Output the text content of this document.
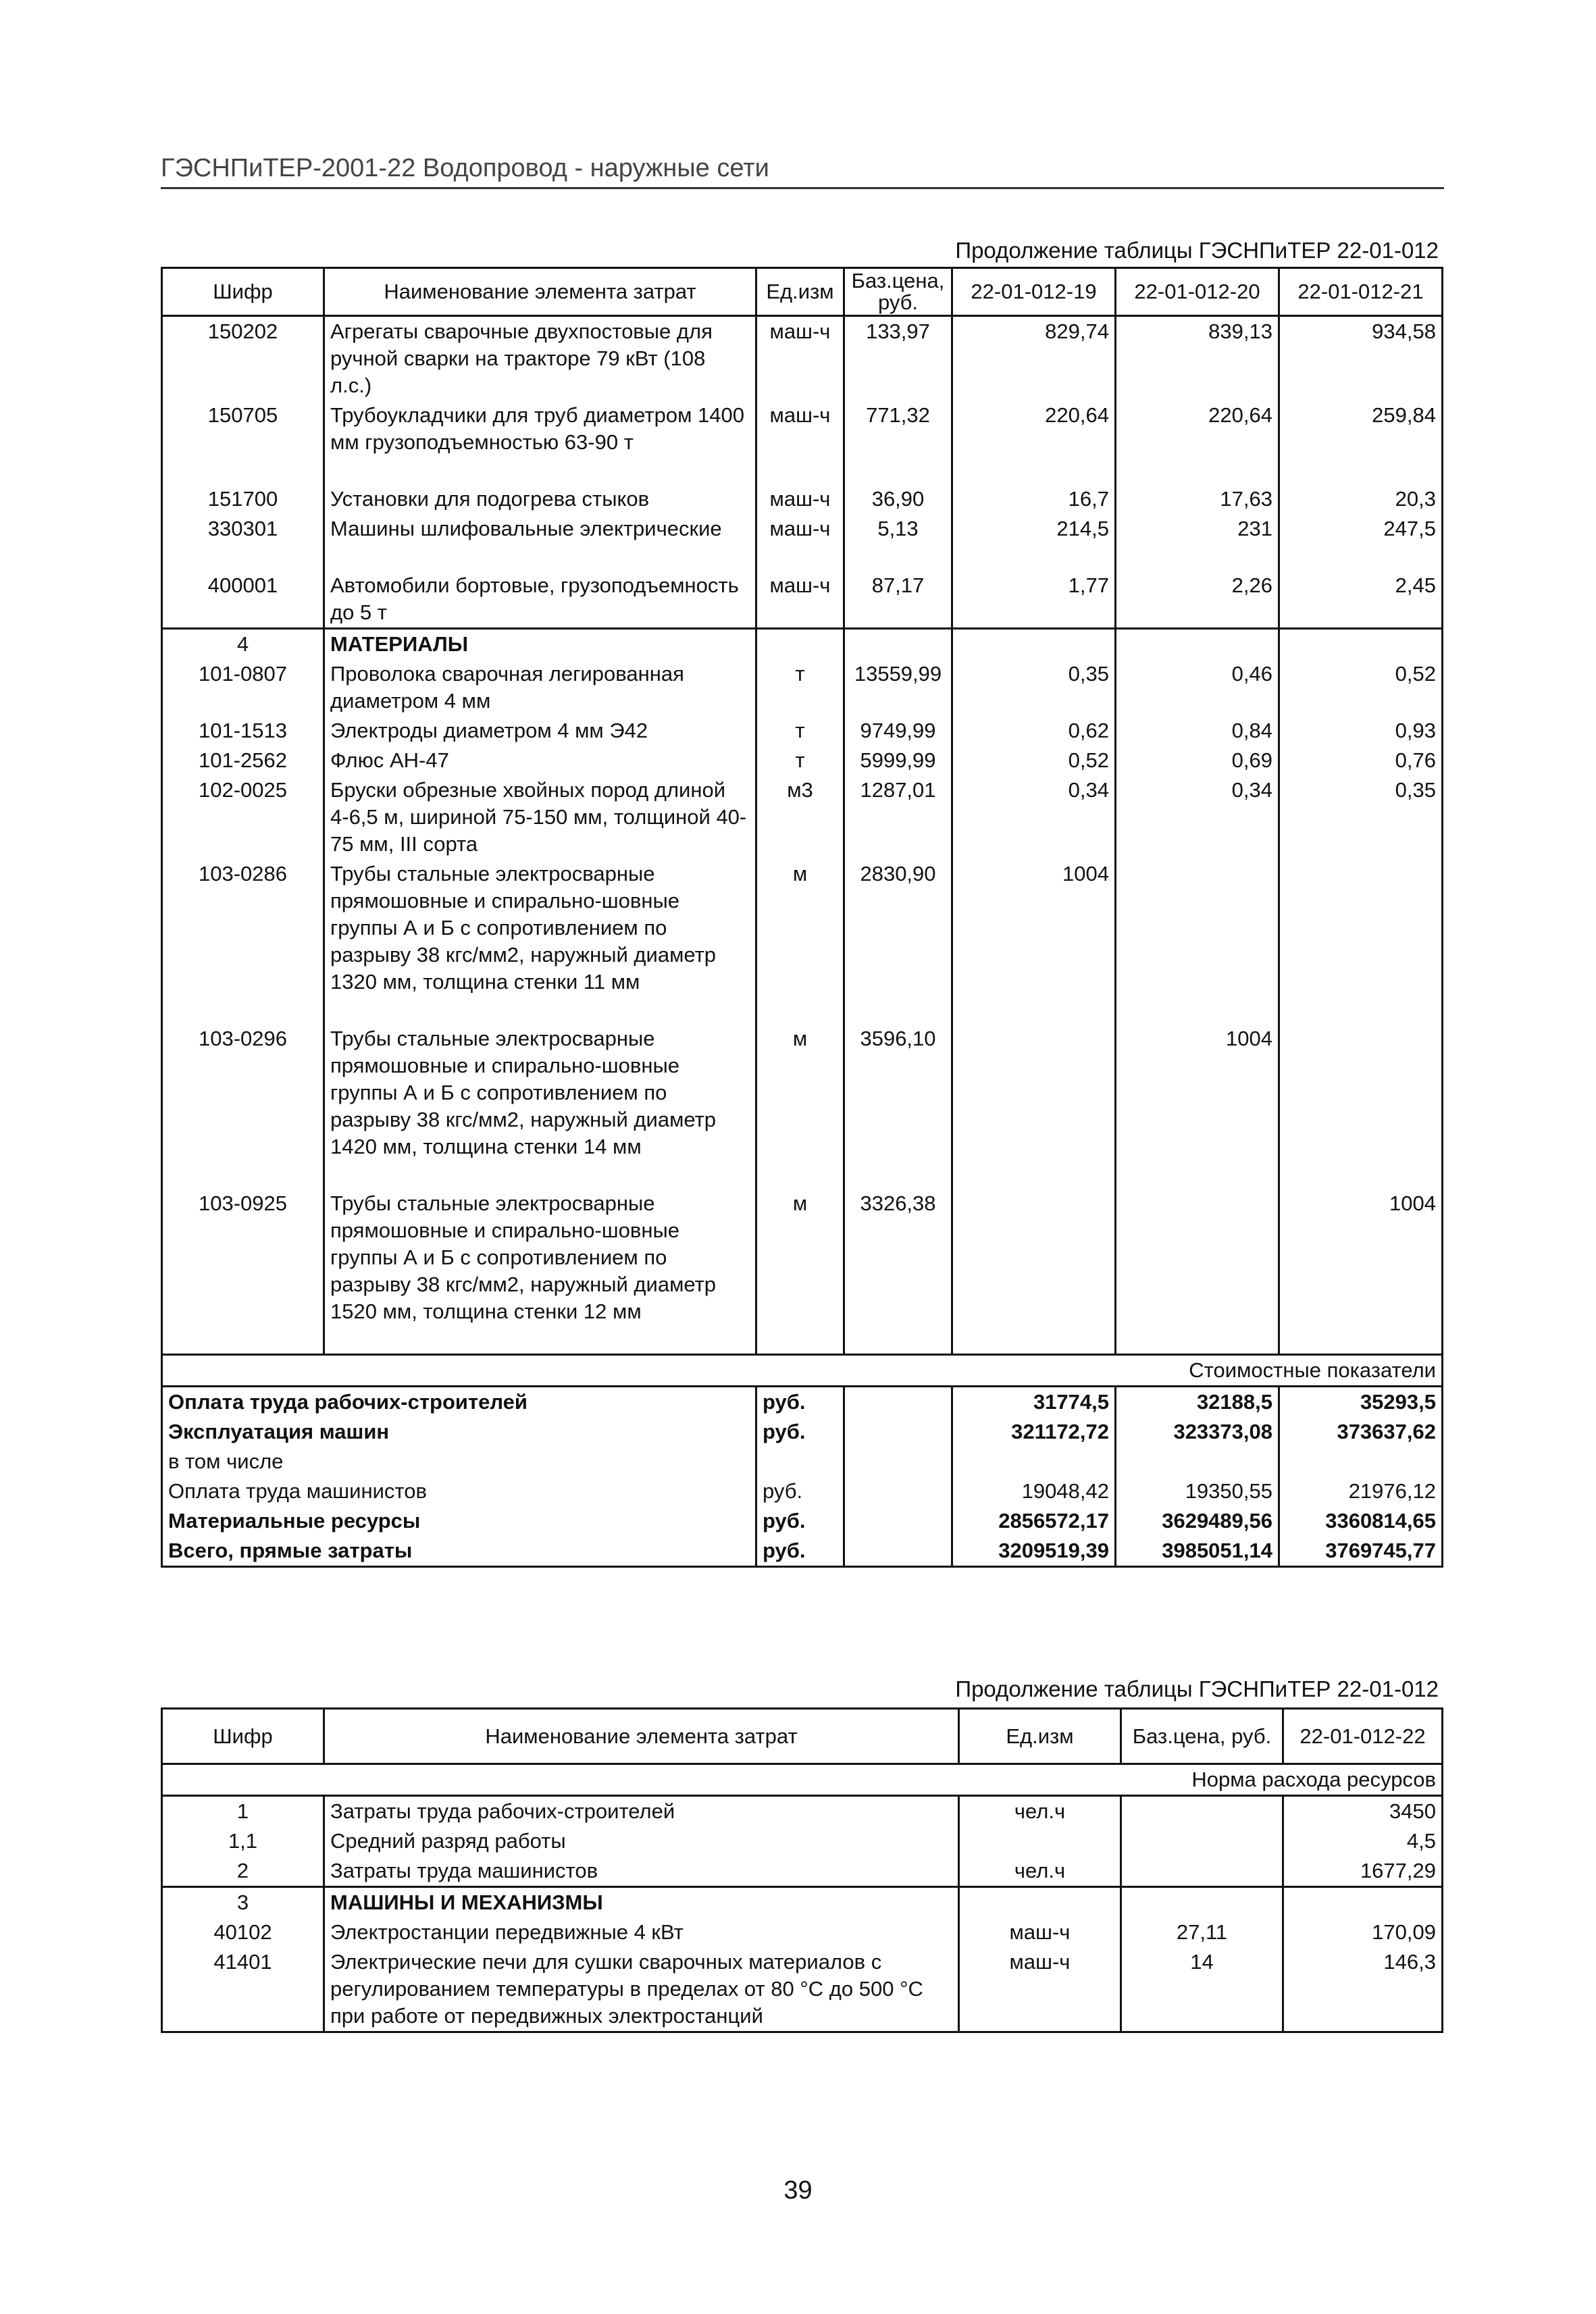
ГЭСНПиТЕР-2001-22 Водопровод - наружные сети
Продолжение таблицы ГЭСНПиТЕР 22-01-012
Шифр	Наименование элемента затрат	Ед.изм	Баз.цена, руб.	22-01-012-19	22-01-012-20	22-01-012-21
150202	Агрегаты сварочные двухпостовые для ручной сварки на тракторе 79 кВт (108 л.с.)	маш-ч	133,97	829,74	839,13	934,58
150705	Трубоукладчики для труб диаметром 1400 мм грузоподъемностью 63-90 т	маш-ч	771,32	220,64	220,64	259,84

151700	Установки для подогрева стыков	маш-ч	36,90	16,7	17,63	20,3
330301	Машины шлифовальные электрические	маш-ч	5,13	214,5	231	247,5

400001	Автомобили бортовые, грузоподъемность до 5 т	маш-ч	87,17	1,77	2,26	2,45
4	МАТЕРИАЛЫ					
101-0807	Проволока сварочная легированная диаметром 4 мм	т	13559,99	0,35	0,46	0,52
101-1513	Электроды диаметром 4 мм Э42	т	9749,99	0,62	0,84	0,93
101-2562	Флюс АН-47	т	5999,99	0,52	0,69	0,76
102-0025	Бруски обрезные хвойных пород длиной 4-6,5 м, шириной 75-150 мм, толщиной 40-75 мм, III сорта	м3	1287,01	0,34	0,34	0,35
103-0286	Трубы стальные электросварные прямошовные и спирально-шовные группы А и Б с сопротивлением по разрыву 38 кгс/мм2, наружный диаметр 1320 мм, толщина стенки 11 мм	м	2830,90	1004		

103-0296	Трубы стальные электросварные прямошовные и спирально-шовные группы А и Б с сопротивлением по разрыву 38 кгс/мм2, наружный диаметр 1420 мм, толщина стенки 14 мм	м	3596,10		1004	

103-0925	Трубы стальные электросварные прямошовные и спирально-шовные группы А и Б с сопротивлением по разрыву 38 кгс/мм2, наружный диаметр 1520 мм, толщина стенки 12 мм	м	3326,38			1004

Стоимостные показатели						
Оплата труда рабочих-строителей		руб.		31774,5	32188,5	35293,5
Эксплуатация машин		руб.		321172,72	323373,08	373637,62
в том числе						
Оплата труда машинистов		руб.		19048,42	19350,55	21976,12
Материальные ресурсы		руб.		2856572,17	3629489,56	3360814,65
Всего, прямые затраты		руб.		3209519,39	3985051,14	3769745,77
Продолжение таблицы ГЭСНПиТЕР 22-01-012
Шифр	Наименование элемента затрат	Ед.изм	Баз.цена, руб.	22-01-012-22
Норма расхода ресурсов				
1	Затраты труда рабочих-строителей	чел.ч		3450
1,1	Средний разряд работы			4,5
2	Затраты труда машинистов	чел.ч		1677,29
3	МАШИНЫ И МЕХАНИЗМЫ			
40102	Электростанции передвижные 4 кВт	маш-ч	27,11	170,09
41401	Электрические печи для сушки сварочных материалов с регулированием температуры в пределах от 80 °С до 500 °С при работе от передвижных электростанций	маш-ч	14	146,3
39
